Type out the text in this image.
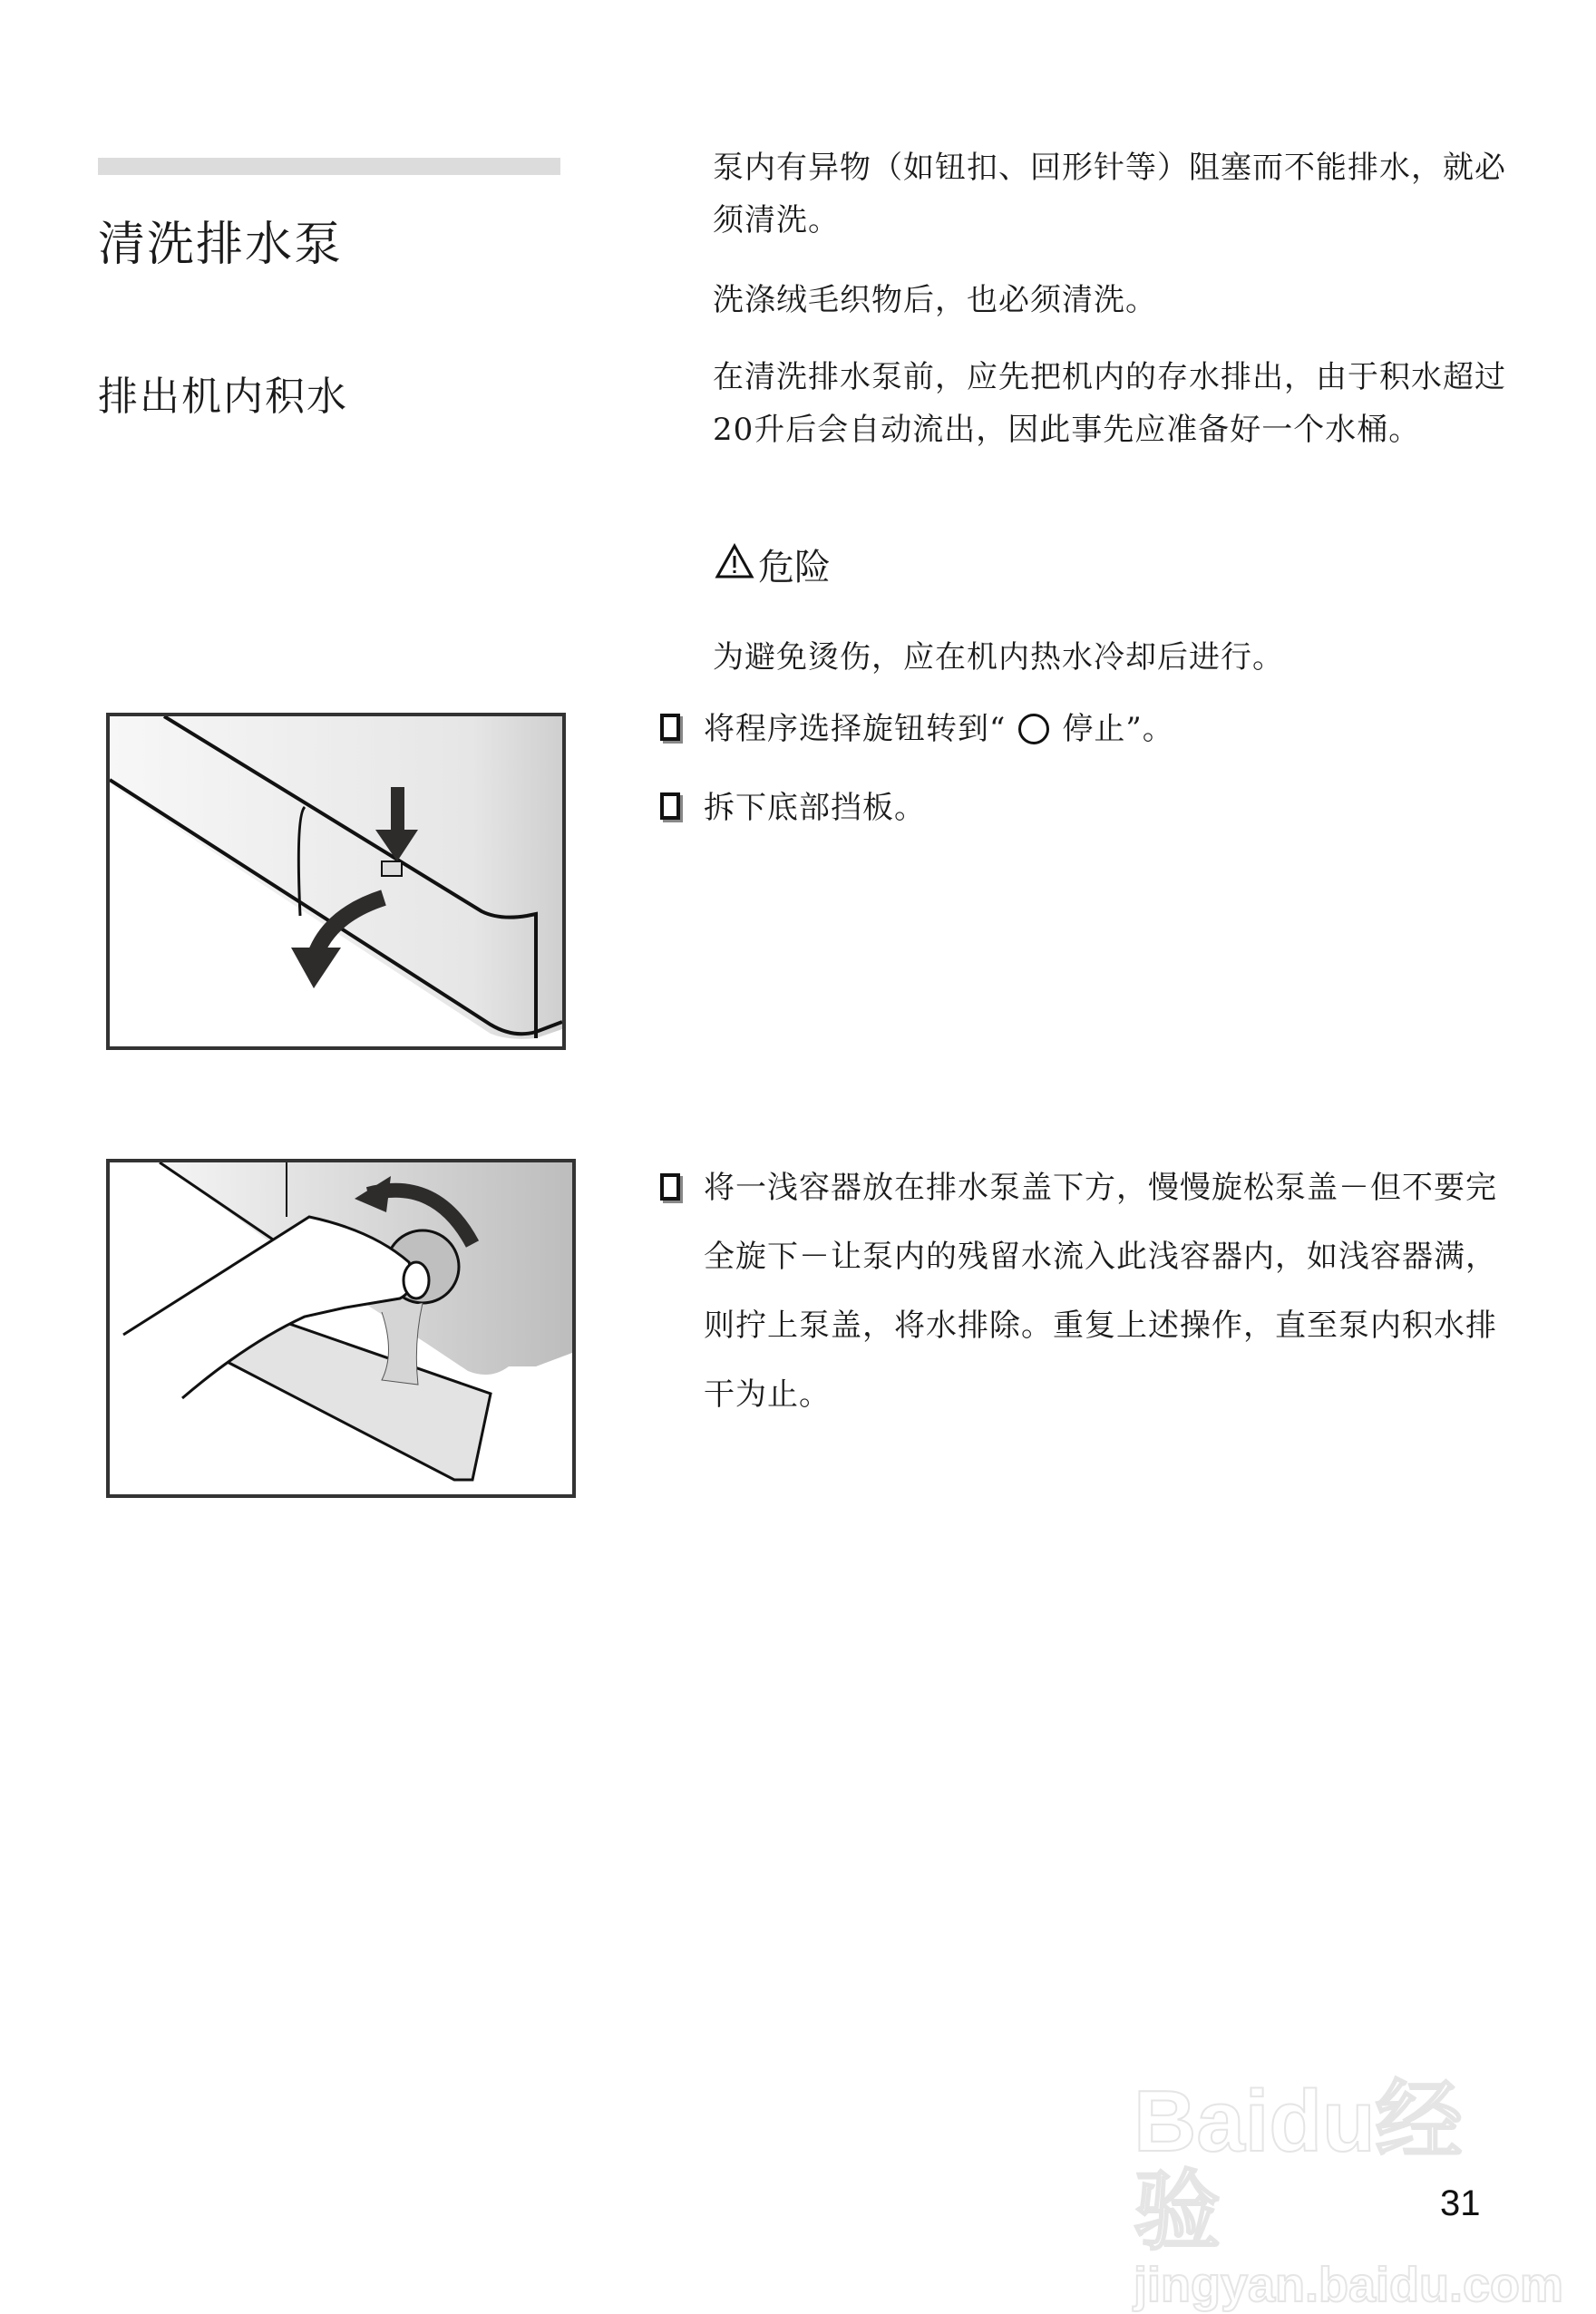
清洗排水泵
排出机内积水
泵内有异物（如钮扣、回形针等）阻塞而不能排水，就必须清洗。
洗涤绒毛织物后，也必须清洗。
在清洗排水泵前，应先把机内的存水排出，由于积水超过20升后会自动流出，因此事先应准备好一个水桶。
危险
为避免烫伤，应在机内热水冷却后进行。
将程序选择旋钮转到“ 停止”。
拆下底部挡板。
将一浅容器放在排水泵盖下方，慢慢旋松泵盖－但不要完全旋下－让泵内的残留水流入此浅容器内，如浅容器满，则拧上泵盖，将水排除。重复上述操作，直至泵内积水排干为止。
Baidu经验
jingyan.baidu.com
31
